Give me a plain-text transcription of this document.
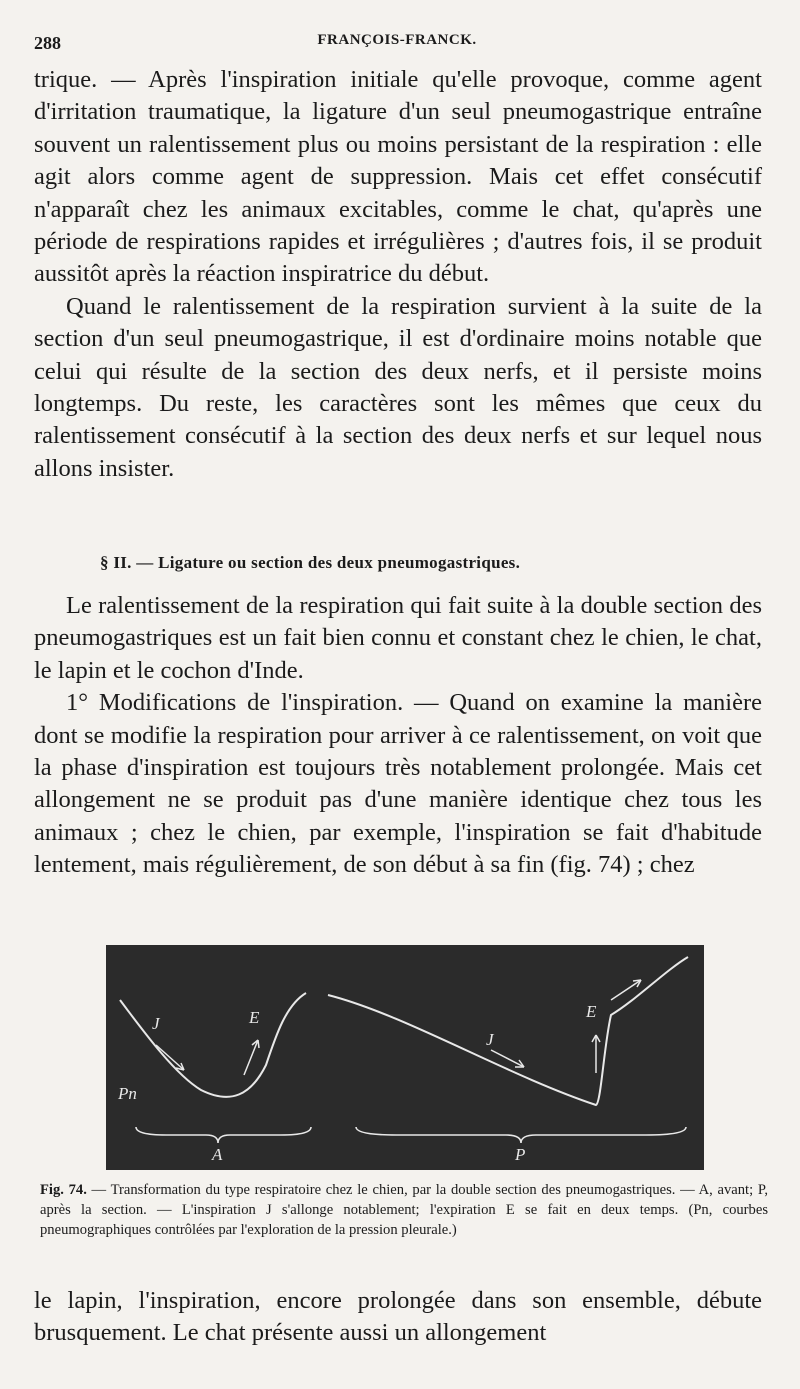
288	FRANÇOIS-FRANCK.

trique. — Après l'inspiration initiale qu'elle provoque, comme agent d'irritation traumatique, la ligature d'un seul pneumogastrique entraîne souvent un ralentissement plus ou moins persistant de la respiration : elle agit alors comme agent de suppression. Mais cet effet consécutif n'apparaît chez les animaux excitables, comme le chat, qu'après une période de respirations rapides et irrégulières ; d'autres fois, il se produit aussitôt après la réaction inspiratrice du début.

Quand le ralentissement de la respiration survient à la suite de la section d'un seul pneumogastrique, il est d'ordinaire moins notable que celui qui résulte de la section des deux nerfs, et il persiste moins longtemps. Du reste, les caractères sont les mêmes que ceux du ralentissement consécutif à la section des deux nerfs et sur lequel nous allons insister.

§ II. — Ligature ou section des deux pneumogastriques.

Le ralentissement de la respiration qui fait suite à la double section des pneumogastriques est un fait bien connu et constant chez le chien, le chat, le lapin et le cochon d'Inde.

1° Modifications de l'inspiration. — Quand on examine la manière dont se modifie la respiration pour arriver à ce ralentissement, on voit que la phase d'inspiration est toujours très notablement prolongée. Mais cet allongement ne se produit pas d'une manière identique chez tous les animaux ; chez le chien, par exemple, l'inspiration se fait d'habitude lentement, mais régulièrement, de son début à sa fin (fig. 74) ; chez

J	E
Pn
A
J
E
P

Fig. 74. — Transformation du type respiratoire chez le chien, par la double section des pneumogastriques. — A, avant; P, après la section. — L'inspiration J s'allonge notablement; l'expiration E se fait en deux temps. (Pn, courbes pneumographiques contrôlées par l'exploration de la pression pleurale.)

le lapin, l'inspiration, encore prolongée dans son ensemble, débute brusquement. Le chat présente aussi un allongement
